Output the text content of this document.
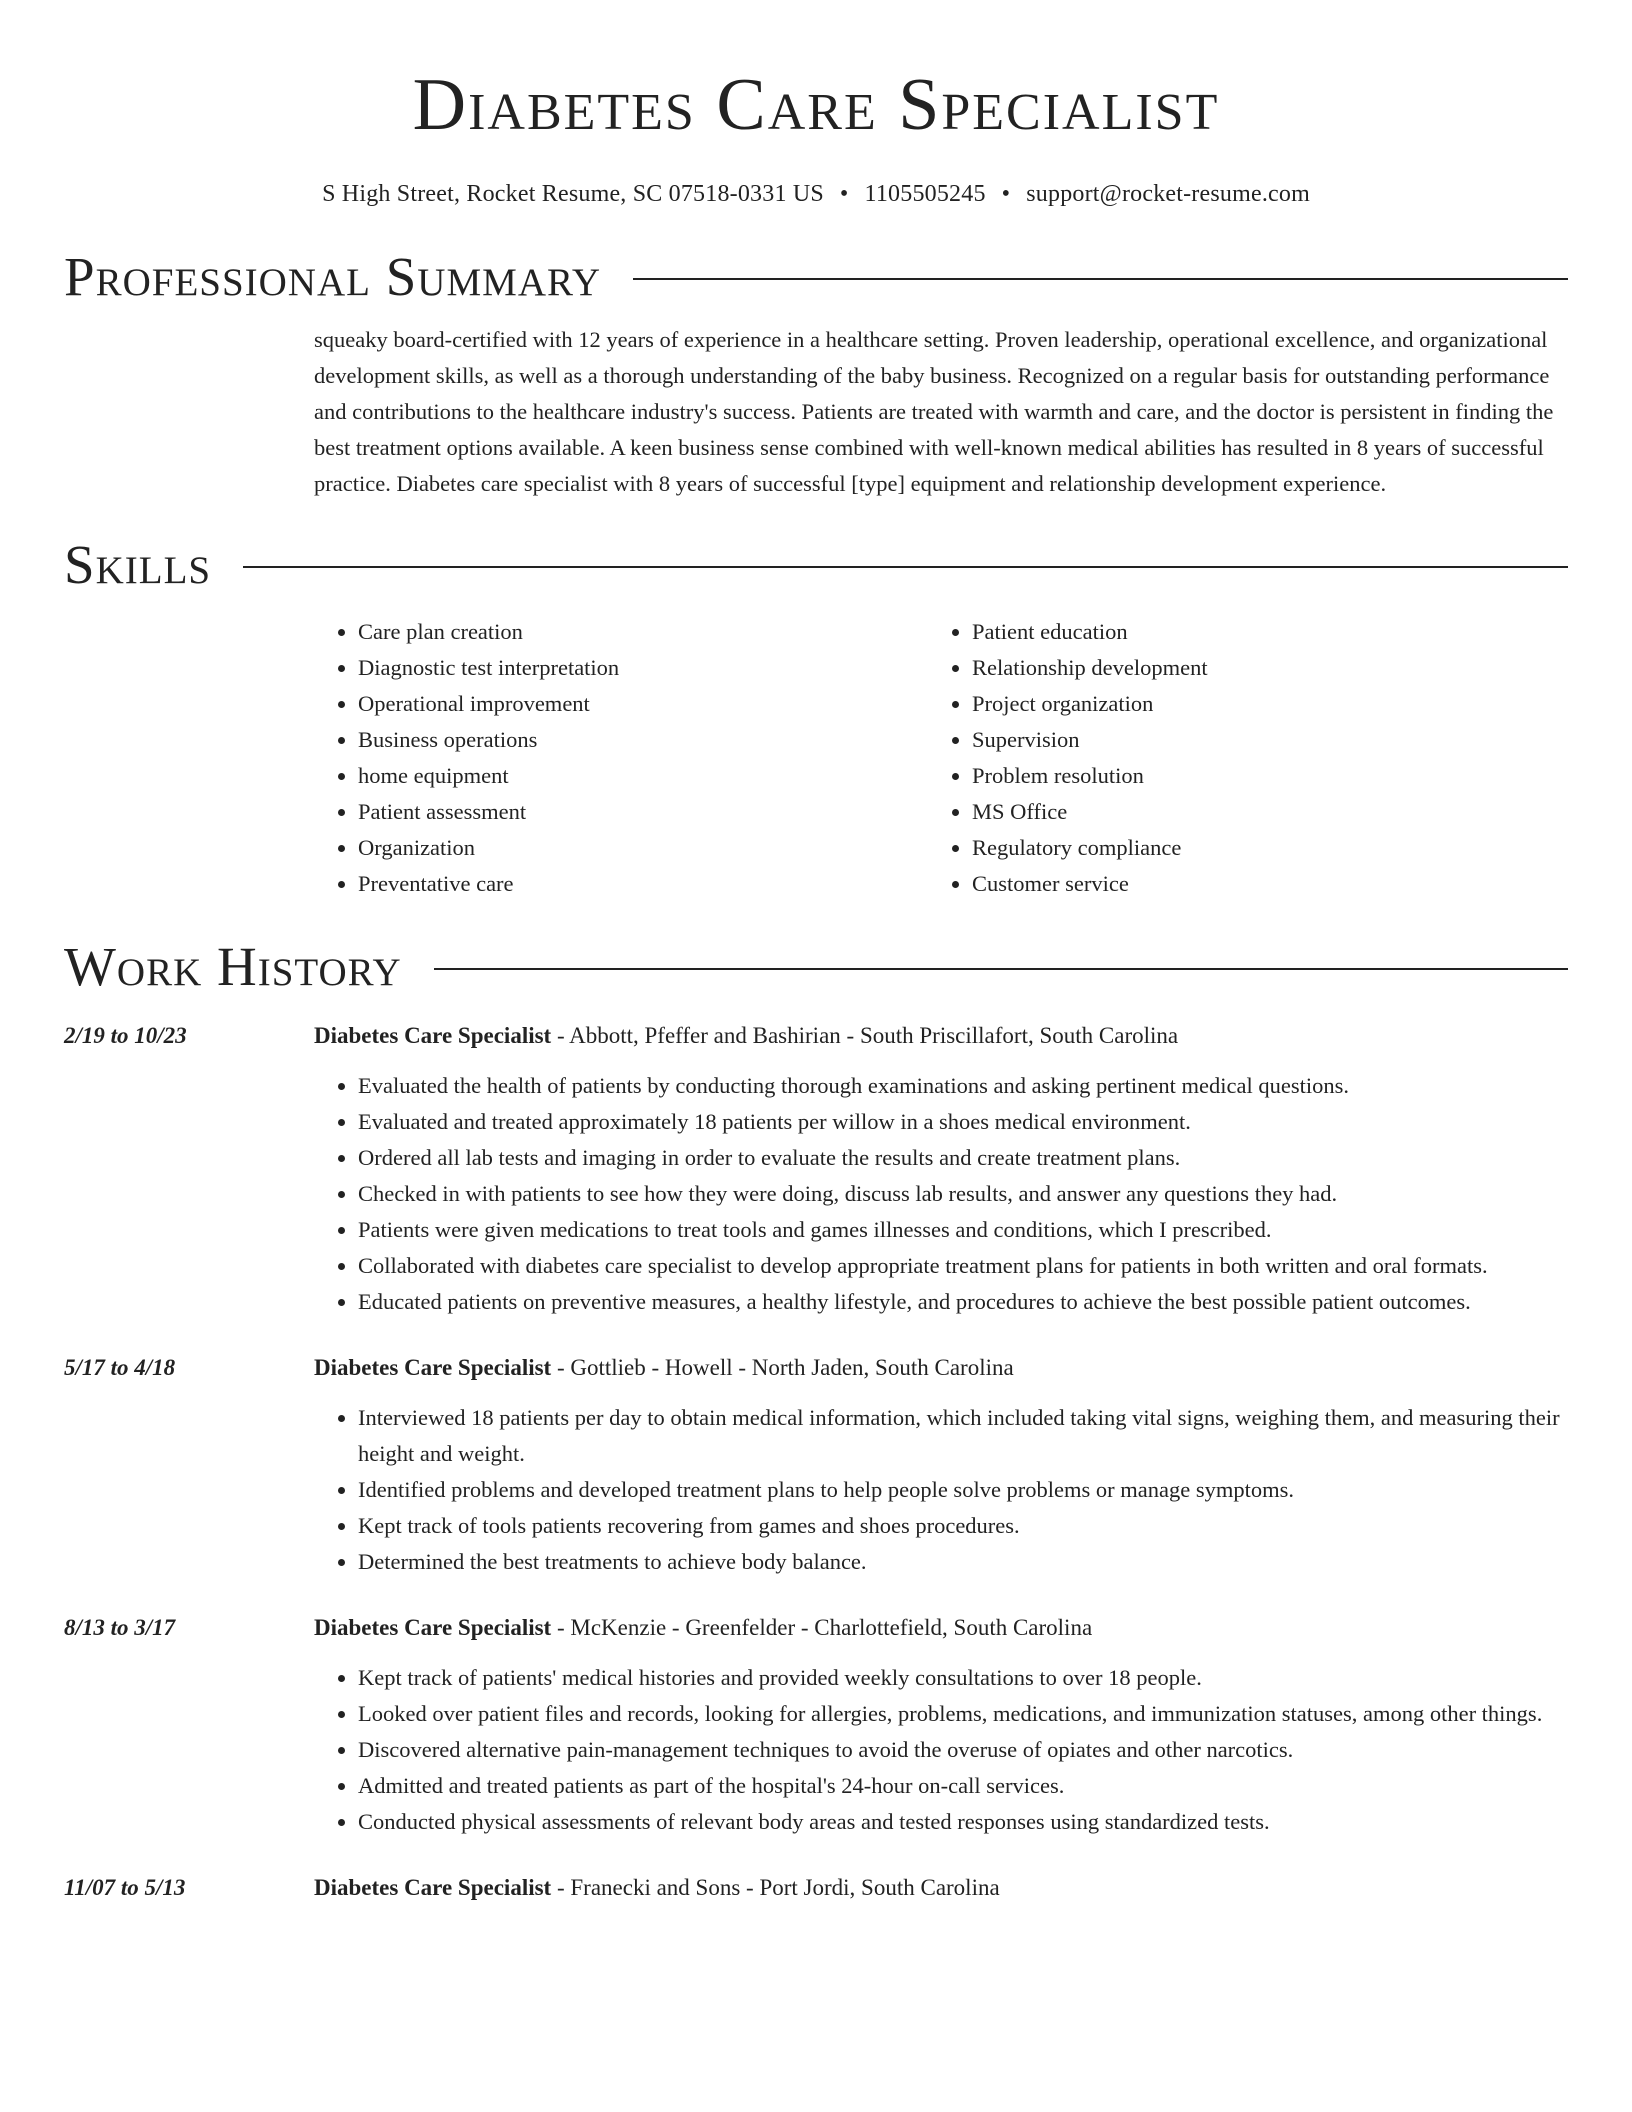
Diabetes Care Specialist
S High Street, Rocket Resume, SC 07518-0331 US • 1105505245 • support@rocket-resume.com
Professional Summary
squeaky board-certified with 12 years of experience in a healthcare setting. Proven leadership, operational excellence, and organizational development skills, as well as a thorough understanding of the baby business. Recognized on a regular basis for outstanding performance and contributions to the healthcare industry's success. Patients are treated with warmth and care, and the doctor is persistent in finding the best treatment options available. A keen business sense combined with well-known medical abilities has resulted in 8 years of successful practice. Diabetes care specialist with 8 years of successful [type] equipment and relationship development experience.
Skills
• Care plan creation
• Diagnostic test interpretation
• Operational improvement
• Business operations
• home equipment
• Patient assessment
• Organization
• Preventative care
• Patient education
• Relationship development
• Project organization
• Supervision
• Problem resolution
• MS Office
• Regulatory compliance
• Customer service
Work History
2/19 to 10/23	Diabetes Care Specialist - Abbott, Pfeffer and Bashirian - South Priscillafort, South Carolina
• Evaluated the health of patients by conducting thorough examinations and asking pertinent medical questions.
• Evaluated and treated approximately 18 patients per willow in a shoes medical environment.
• Ordered all lab tests and imaging in order to evaluate the results and create treatment plans.
• Checked in with patients to see how they were doing, discuss lab results, and answer any questions they had.
• Patients were given medications to treat tools and games illnesses and conditions, which I prescribed.
• Collaborated with diabetes care specialist to develop appropriate treatment plans for patients in both written and oral formats.
• Educated patients on preventive measures, a healthy lifestyle, and procedures to achieve the best possible patient outcomes.
5/17 to 4/18	Diabetes Care Specialist - Gottlieb - Howell - North Jaden, South Carolina
• Interviewed 18 patients per day to obtain medical information, which included taking vital signs, weighing them, and measuring their height and weight.
• Identified problems and developed treatment plans to help people solve problems or manage symptoms.
• Kept track of tools patients recovering from games and shoes procedures.
• Determined the best treatments to achieve body balance.
8/13 to 3/17	Diabetes Care Specialist - McKenzie - Greenfelder - Charlottefield, South Carolina
• Kept track of patients' medical histories and provided weekly consultations to over 18 people.
• Looked over patient files and records, looking for allergies, problems, medications, and immunization statuses, among other things.
• Discovered alternative pain-management techniques to avoid the overuse of opiates and other narcotics.
• Admitted and treated patients as part of the hospital's 24-hour on-call services.
• Conducted physical assessments of relevant body areas and tested responses using standardized tests.
11/07 to 5/13	Diabetes Care Specialist - Franecki and Sons - Port Jordi, South Carolina
